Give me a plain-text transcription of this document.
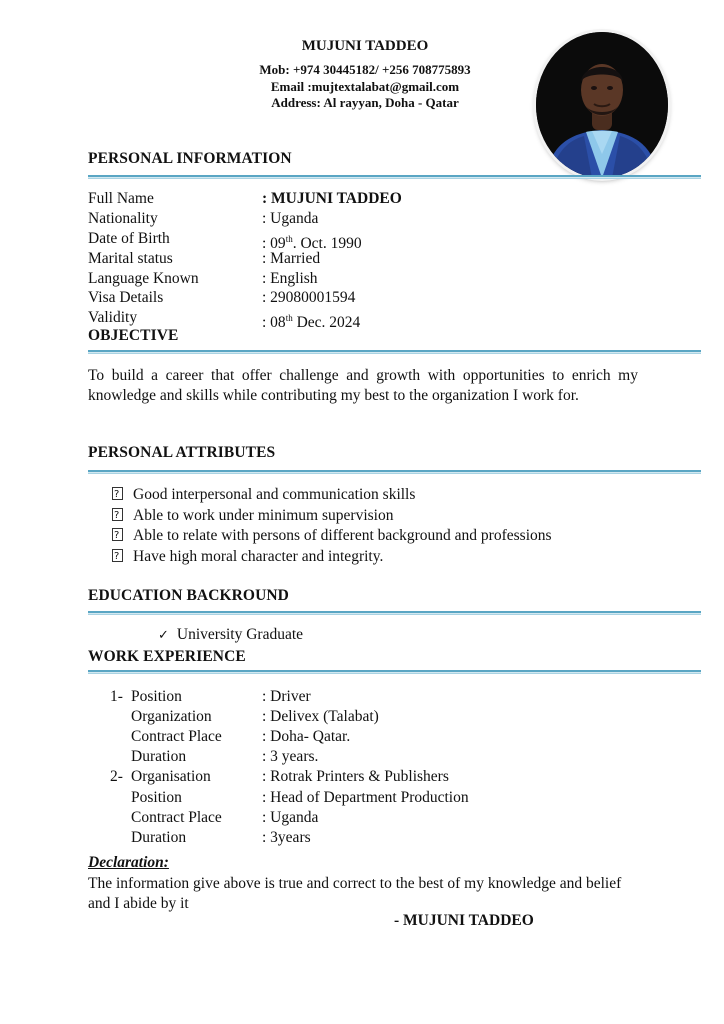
MUJUNI TADDEO
Mob: +974 30445182/ +256 708775893
Email :mujtextalabat@gmail.com
Address: Al rayyan, Doha - Qatar
PERSONAL INFORMATION
Full Name	: MUJUNI TADDEO
Nationality	: Uganda
Date of Birth	: 09th. Oct. 1990
Marital status	: Married
Language Known	: English
Visa Details	: 29080001594
Validity	: 08th Dec. 2024
OBJECTIVE

To build a career that offer challenge and growth with opportunities to enrich my knowledge and skills while contributing my best to the organization I work for.

PERSONAL ATTRIBUTES
?Good interpersonal and communication skills
?Able to work under minimum supervision
?Able to relate with persons of different background and professions
?Have high moral character and integrity.
EDUCATION BACKROUND
✓ University Graduate
WORK EXPERIENCE
1- Position	: Driver
Organization	: Delivex (Talabat)
Contract Place	: Doha- Qatar.
Duration	: 3 years.
2- Organisation	: Rotrak Printers & Publishers
Position	: Head of Department Production
Contract Place	: Uganda
Duration	: 3years
Declaration:

The information give above is true and correct to the best of my knowledge and belief and I abide by it

- MUJUNI TADDEO
